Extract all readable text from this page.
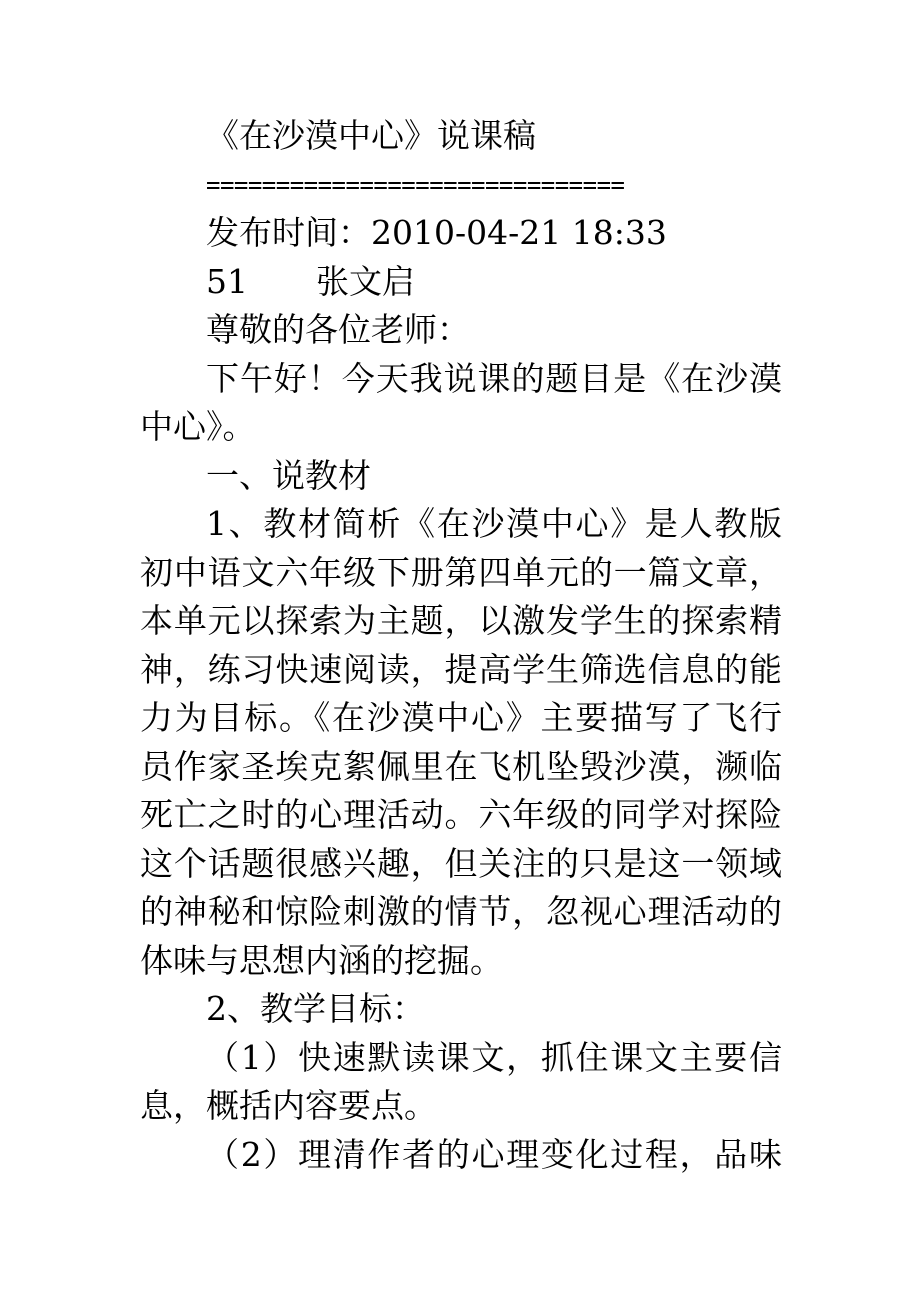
《在沙漠中心》说课稿
==============================
发布时间：2010-04-21 18:33
51 张文启
尊敬的各位老师：
下午好！今天我说课的题目是《在沙漠
中心》。
一、说教材
1、教材简析《在沙漠中心》是人教版
初中语文六年级下册第四单元的一篇文章，
本单元以探索为主题，以激发学生的探索精
神，练习快速阅读，提高学生筛选信息的能
力为目标。《在沙漠中心》主要描写了飞行
员作家圣埃克絮佩里在飞机坠毁沙漠，濒临
死亡之时的心理活动。六年级的同学对探险
这个话题很感兴趣，但关注的只是这一领域
的神秘和惊险刺激的情节，忽视心理活动的
体味与思想内涵的挖掘。
2、教学目标：
（1）快速默读课文，抓住课文主要信
息，概括内容要点。
（2）理清作者的心理变化过程，品味
